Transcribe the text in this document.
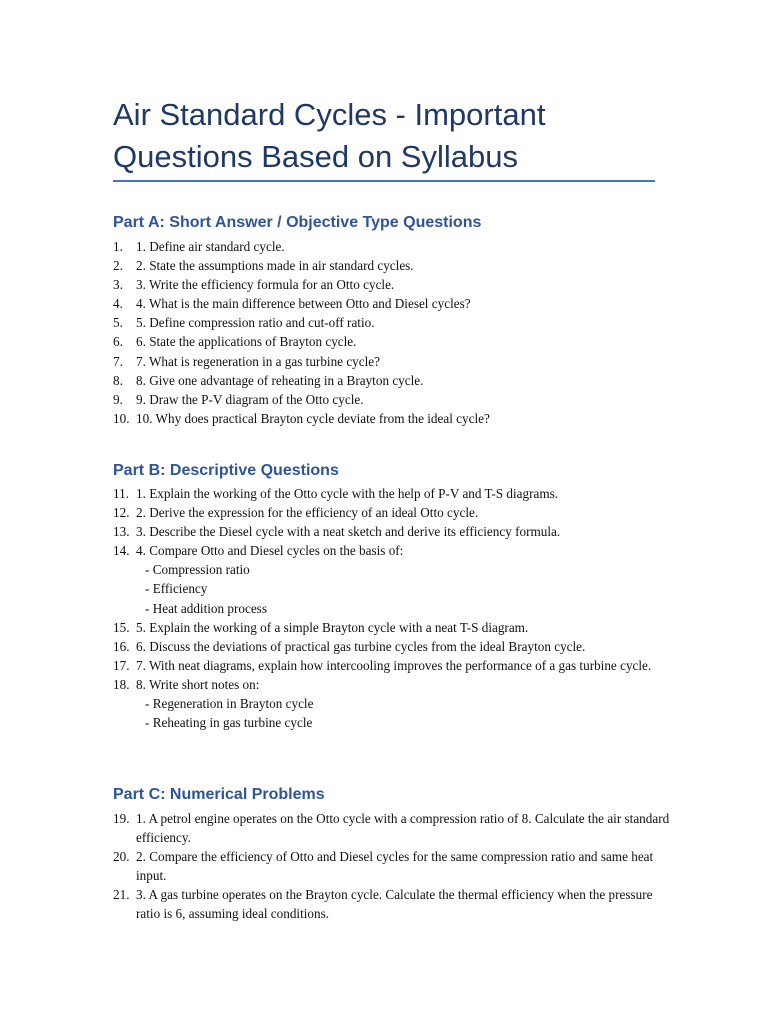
Air Standard Cycles - Important Questions Based on Syllabus
Part A: Short Answer / Objective Type Questions
1. 1. Define air standard cycle.
2. 2. State the assumptions made in air standard cycles.
3. 3. Write the efficiency formula for an Otto cycle.
4. 4. What is the main difference between Otto and Diesel cycles?
5. 5. Define compression ratio and cut-off ratio.
6. 6. State the applications of Brayton cycle.
7. 7. What is regeneration in a gas turbine cycle?
8. 8. Give one advantage of reheating in a Brayton cycle.
9. 9. Draw the P-V diagram of the Otto cycle.
10. 10. Why does practical Brayton cycle deviate from the ideal cycle?
Part B: Descriptive Questions
11. 1. Explain the working of the Otto cycle with the help of P-V and T-S diagrams.
12. 2. Derive the expression for the efficiency of an ideal Otto cycle.
13. 3. Describe the Diesel cycle with a neat sketch and derive its efficiency formula.
14. 4. Compare Otto and Diesel cycles on the basis of:
- Compression ratio
- Efficiency
- Heat addition process
15. 5. Explain the working of a simple Brayton cycle with a neat T-S diagram.
16. 6. Discuss the deviations of practical gas turbine cycles from the ideal Brayton cycle.
17. 7. With neat diagrams, explain how intercooling improves the performance of a gas turbine cycle.
18. 8. Write short notes on:
- Regeneration in Brayton cycle
- Reheating in gas turbine cycle
Part C: Numerical Problems
19. 1. A petrol engine operates on the Otto cycle with a compression ratio of 8. Calculate the air standard efficiency.
20. 2. Compare the efficiency of Otto and Diesel cycles for the same compression ratio and same heat input.
21. 3. A gas turbine operates on the Brayton cycle. Calculate the thermal efficiency when the pressure ratio is 6, assuming ideal conditions.
